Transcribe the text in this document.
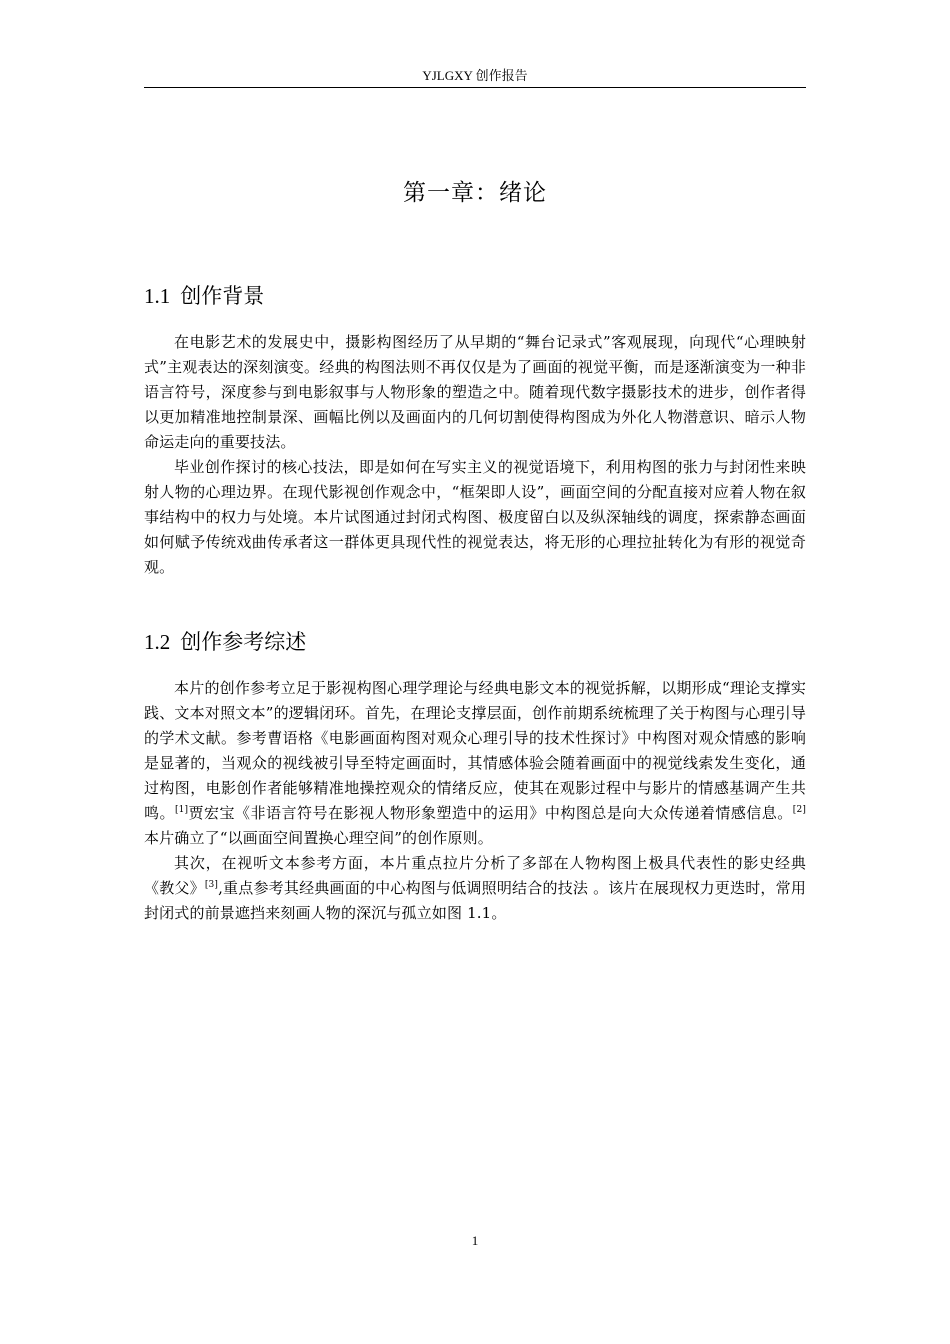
YJLGXY 创作报告
第一章：绪论
1.1 创作背景

在电影艺术的发展史中，摄影构图经历了从早期的“舞台记录式”客观展现，向现代“心理映射式”主观表达的深刻演变。经典的构图法则不再仅仅是为了画面的视觉平衡，而是逐渐演变为一种非语言符号，深度参与到电影叙事与人物形象的塑造之中。随着现代数字摄影技术的进步，创作者得以更加精准地控制景深、画幅比例以及画面内的几何切割使得构图成为外化人物潜意识、暗示人物命运走向的重要技法。

毕业创作探讨的核心技法，即是如何在写实主义的视觉语境下，利用构图的张力与封闭性来映射人物的心理边界。在现代影视创作观念中，“框架即人设”，画面空间的分配直接对应着人物在叙事结构中的权力与处境。本片试图通过封闭式构图、极度留白以及纵深轴线的调度，探索静态画面如何赋予传统戏曲传承者这一群体更具现代性的视觉表达，将无形的心理拉扯转化为有形的视觉奇观。

1.2 创作参考综述

本片的创作参考立足于影视构图心理学理论与经典电影文本的视觉拆解，以期形成“理论支撑实践、文本对照文本”的逻辑闭环。首先，在理论支撑层面，创作前期系统梳理了关于构图与心理引导的学术文献。参考曹语格《电影画面构图对观众心理引导的技术性探讨》中构图对观众情感的影响是显著的，当观众的视线被引导至特定画面时，其情感体验会随着画面中的视觉线索发生变化，通过构图，电影创作者能够精准地操控观众的情绪反应，使其在观影过程中与影片的情感基调产生共鸣。[1]贾宏宝《非语言符号在影视人物形象塑造中的运用》中构图总是向大众传递着情感信息。[2]本片确立了“以画面空间置换心理空间”的创作原则。

其次，在视听文本参考方面，本片重点拉片分析了多部在人物构图上极具代表性的影史经典《教父》[3],重点参考其经典画面的中心构图与低调照明结合的技法 。该片在展现权力更迭时，常用封闭式的前景遮挡来刻画人物的深沉与孤立如图 1.1。

1
